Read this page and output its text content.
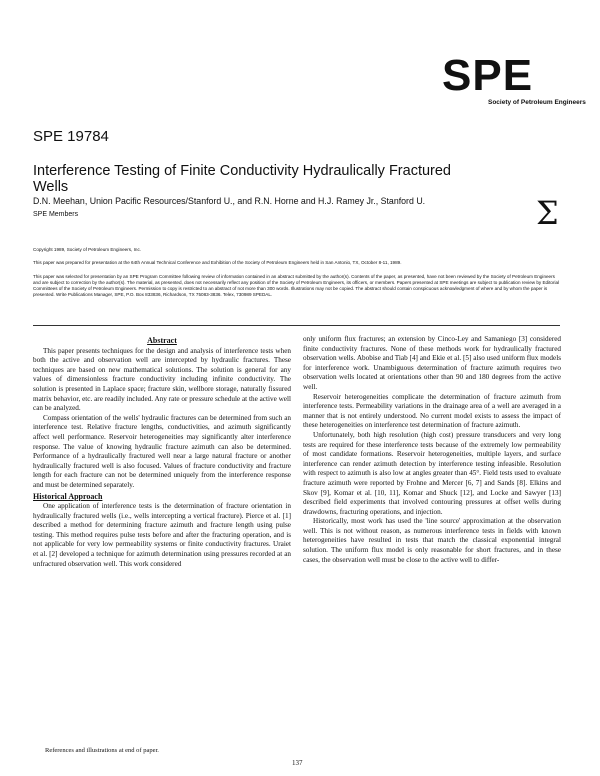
SPE
Society of Petroleum Engineers
SPE 19784
Interference Testing of Finite Conductivity Hydraulically Fractured Wells
D.N. Meehan, Union Pacific Resources/Stanford U., and R.N. Horne and H.J. Ramey Jr., Stanford U.
SPE Members	Σ
Copyright 1989, Society of Petroleum Engineers, Inc.
This paper was prepared for presentation at the 64th Annual Technical Conference and Exhibition of the Society of Petroleum Engineers held in San Antonio, TX, October 8-11, 1989.
This paper was selected for presentation by an SPE Program Committee following review of information contained in an abstract submitted by the author(s). Contents of the paper, as presented, have not been reviewed by the Society of Petroleum Engineers and are subject to correction by the author(s). The material, as presented, does not necessarily reflect any position of the Society of Petroleum Engineers, its officers, or members. Papers presented at SPE meetings are subject to publication review by Editorial Committees of the Society of Petroleum Engineers. Permission to copy is restricted to an abstract of not more than 300 words. Illustrations may not be copied. The abstract should contain conspicuous acknowledgment of where and by whom the paper is presented. Write Publications Manager, SPE, P.O. Box 833836, Richardson, TX 75083-3836. Telex, 730989 SPEDAL.
Abstract

This paper presents techniques for the design and analysis of interference tests when both the active and observation well are intercepted by hydraulic fractures. These techniques are based on new mathematical solutions. The solution is general for any values of dimensionless fracture conductivity including infinite conductivity. The solution is presented in Laplace space; fracture skin, wellbore storage, naturally fissured matrix behavior, etc. are readily included. Any rate or pressure schedule at the active well can be analyzed.

Compass orientation of the wells' hydraulic fractures can be determined from such an interference test. Relative fracture lengths, conductivities, and azimuth significantly affect well performance. Reservoir heterogeneities may significantly alter interference response. The value of knowing hydraulic fracture azimuth can also be determined. Performance of a hydraulically fractured well near a large natural fracture or another hydraulically fractured well is also focused. Values of fracture conductivity and fracture length for each fracture can not be determined uniquely from the interference response and must be determined separately.

Historical Approach

One application of interference tests is the determination of fracture orientation in hydraulically fractured wells (i.e., wells intercepting a vertical fracture). Pierce et al. [1] described a method for determining fracture azimuth and fracture length using pulse testing. This method requires pulse tests before and after the fracturing operation, and is not applicable for very low permeability systems or finite conductivity fractures. Uraiet et al. [2] developed a technique for azimuth determination using pressures recorded at an unfractured observation well. This work considered

only uniform flux fractures; an extension by Cinco-Ley and Samaniego [3] considered finite conductivity fractures. None of these methods work for hydraulically fractured observation wells. Abobise and Tiab [4] and Ekie et al. [5] also used uniform flux models for interference work. Unambiguous determination of fracture azimuth requires two observation wells located at orientations other than 90 and 180 degrees from the active well.

Reservoir heterogeneities complicate the determination of fracture azimuth from interference tests. Permeability variations in the drainage area of a well are averaged in a manner that is not entirely understood. No current model exists to assess the impact of these heterogeneities on interference test determination of fracture azimuth.

Unfortunately, both high resolution (high cost) pressure transducers and very long tests are required for these interference tests because of the extremely low permeability of most candidate formations. Reservoir heterogeneities, multiple layers, and surface interference can render azimuth detection by interference testing infeasible. Resolution with respect to azimuth is also low at angles greater than 45°. Field tests used to evaluate fracture azimuth were reported by Frohne and Mercer [6, 7] and Sands [8]. Elkins and Skov [9], Komar et al. [10, 11], Komar and Shuck [12], and Locke and Sawyer [13] described field experiments that involved contouring pressures at offset wells during drawdowns, fracturing operations, and injection.

Historically, most work has used the 'line source' approximation at the observation well. This is not without reason, as numerous interference tests in fields with known heterogeneities have resulted in tests that match the classical exponential integral solution. The uniform flux model is only reasonable for short fractures, and in these cases, the observation well must be close to the active well to differ-

References and illustrations at end of paper.
137
